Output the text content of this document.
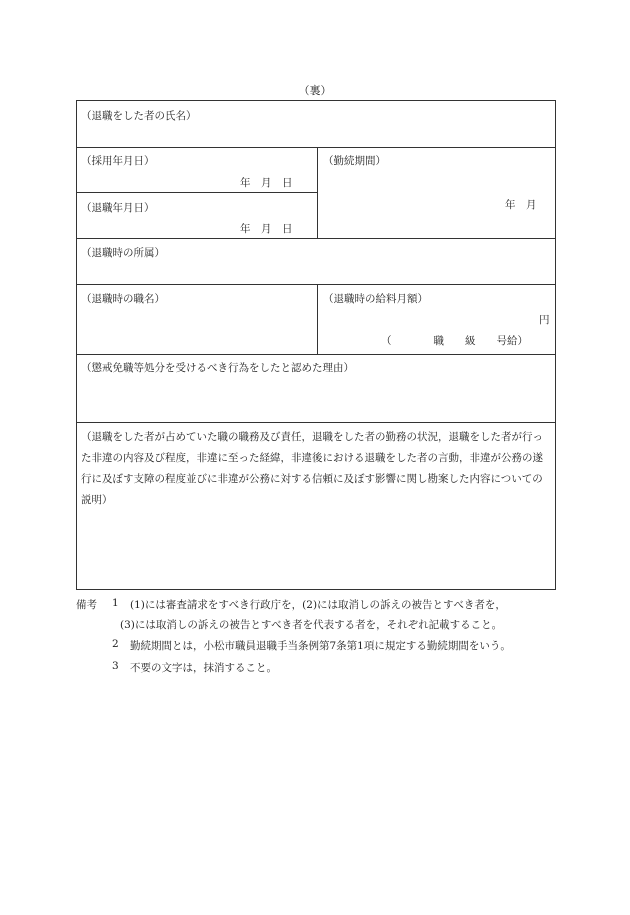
（裏）
（退職をした者の氏名）
（採用年月日）
年　月　日
（勤続期間）
年　月
（退職年月日）
年　月　日
（退職時の所属）
（退職時の職名）	（退職時の給料月額）
円
（　　　　職　　級　　号給）
（懲戒免職等処分を受けるべき行為をしたと認めた理由）
（退職をした者が占めていた職の職務及び責任，退職をした者の勤務の状況，退職をした者が行った非違の内容及び程度，非違に至った経緯，非違後における退職をした者の言動，非違が公務の遂行に及ぼす支障の程度並びに非違が公務に対する信頼に及ぼす影響に関し勘案した内容についての説明）
備考 1 (1)には審査請求をすべき行政庁を，(2)には取消しの訴えの被告とすべき者を，
(3)には取消しの訴えの被告とすべき者を代表する者を，それぞれ記載すること。
2 勤続期間とは，小松市職員退職手当条例第7条第1項に規定する勤続期間をいう。
3 不要の文字は，抹消すること。
